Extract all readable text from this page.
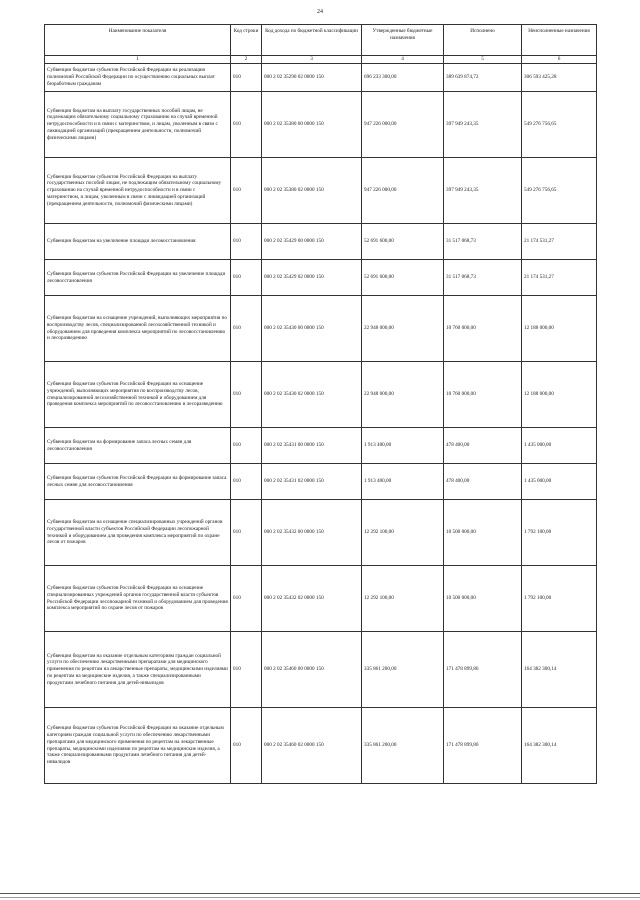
24
Наименование показателя	Код строки	Код дохода по бюджетной классификации	Утвержденные бюджетные назначения	Исполнено	Неисполненные назначения
1	2	3	4	5	6
Субвенции бюджетам субъектов Российской Федерации на реализацию полномочий Российской Федерации по осуществлению социальных выплат безработным гражданам	010	000 2 02 35290 02 0000 150	696 233 300,00	389 639 874,72	306 593 425,28
Субвенции бюджетам на выплату государственных пособий лицам, не подлежащим обязательному социальному страхованию на случай временной нетрудоспособности и в связи с материнством, и лицам, уволенным в связи с ликвидацией организаций (прекращением деятельности, полномочий физическими лицами)	010	000 2 02 35380 00 0000 150	947 226 000,00	397 949 243,35	549 276 756,65
Субвенции бюджетам субъектов Российской Федерации на выплату государственных пособий лицам, не подлежащим обязательному социальному страхованию на случай временной нетрудоспособности и в связи с материнством, и лицам, уволенным в связи с ликвидацией организаций (прекращением деятельности, полномочий физическими лицами)	010	000 2 02 35380 02 0000 150	947 226 000,00	397 949 243,35	549 276 756,65
Субвенции бюджетам на увеличение площади лесовосстановления	010	000 2 02 35429 00 0000 150	52 691 600,00	31 517 068,73	21 174 531,27
Субвенции бюджетам субъектов Российской Федерации на увеличение площади лесовосстановления	010	000 2 02 35429 02 0000 150	52 691 600,00	31 517 068,73	21 174 531,27
Субвенции бюджетам на оснащение учреждений, выполняющих мероприятия по воспроизводству лесов, специализированной лесохозяйственной техникой и оборудованием для проведения комплекса мероприятий по лесовосстановлению и лесоразведению	010	000 2 02 35430 00 0000 150	22 948 000,00	10 760 000,00	12 188 000,00
Субвенции бюджетам субъектов Российской Федерации на оснащение учреждений, выполняющих мероприятия по воспроизводству лесов, специализированной лесохозяйственной техникой и оборудованием для проведения комплекса мероприятий по лесовосстановлению и лесоразведению	010	000 2 02 35430 02 0000 150	22 948 000,00	10 760 000,00	12 188 000,00
Субвенции бюджетам на формирование запаса лесных семян для лесовосстановления	010	000 2 02 35431 00 0000 150	1 913 400,00	478 400,00	1 435 000,00
Субвенции бюджетам субъектов Российской Федерации на формирование запаса лесных семян для лесовосстановления	010	000 2 02 35431 02 0000 150	1 913 400,00	478 400,00	1 435 000,00
Субвенции бюджетам на оснащение специализированных учреждений органов государственной власти субъектов Российской Федерации лесопожарной техникой и оборудованием для проведения комплекса мероприятий по охране лесов от пожаров	010	000 2 02 35432 00 0000 150	12 292 100,00	10 500 000,00	1 792 100,00
Субвенции бюджетам субъектов Российской Федерации на оснащение специализированных учреждений органов государственной власти субъектов Российской Федерации лесопожарной техникой и оборудованием для проведения комплекса мероприятий по охране лесов от пожаров	010	000 2 02 35432 02 0000 150	12 292 100,00	10 500 000,00	1 792 100,00
Субвенции бюджетам на оказание отдельным категориям граждан социальной услуги по обеспечению лекарственными препаратами для медицинского применения по рецептам на лекарственные препараты, медицинскими изделиями по рецептам на медицинские изделия, а также специализированными продуктами лечебного питания для детей-инвалидов	010	000 2 02 35460 00 0000 150	335 861 200,00	171 478 899,86	164 382 300,14
Субвенции бюджетам субъектов Российской Федерации на оказание отдельным категориям граждан социальной услуги по обеспечению лекарственными препаратами для медицинского применения по рецептам на лекарственные препараты, медицинскими изделиями по рецептам на медицинские изделия, а также специализированными продуктами лечебного питания для детей-инвалидов	010	000 2 02 35460 02 0000 150	335 861 200,00	171 478 899,86	164 382 300,14
